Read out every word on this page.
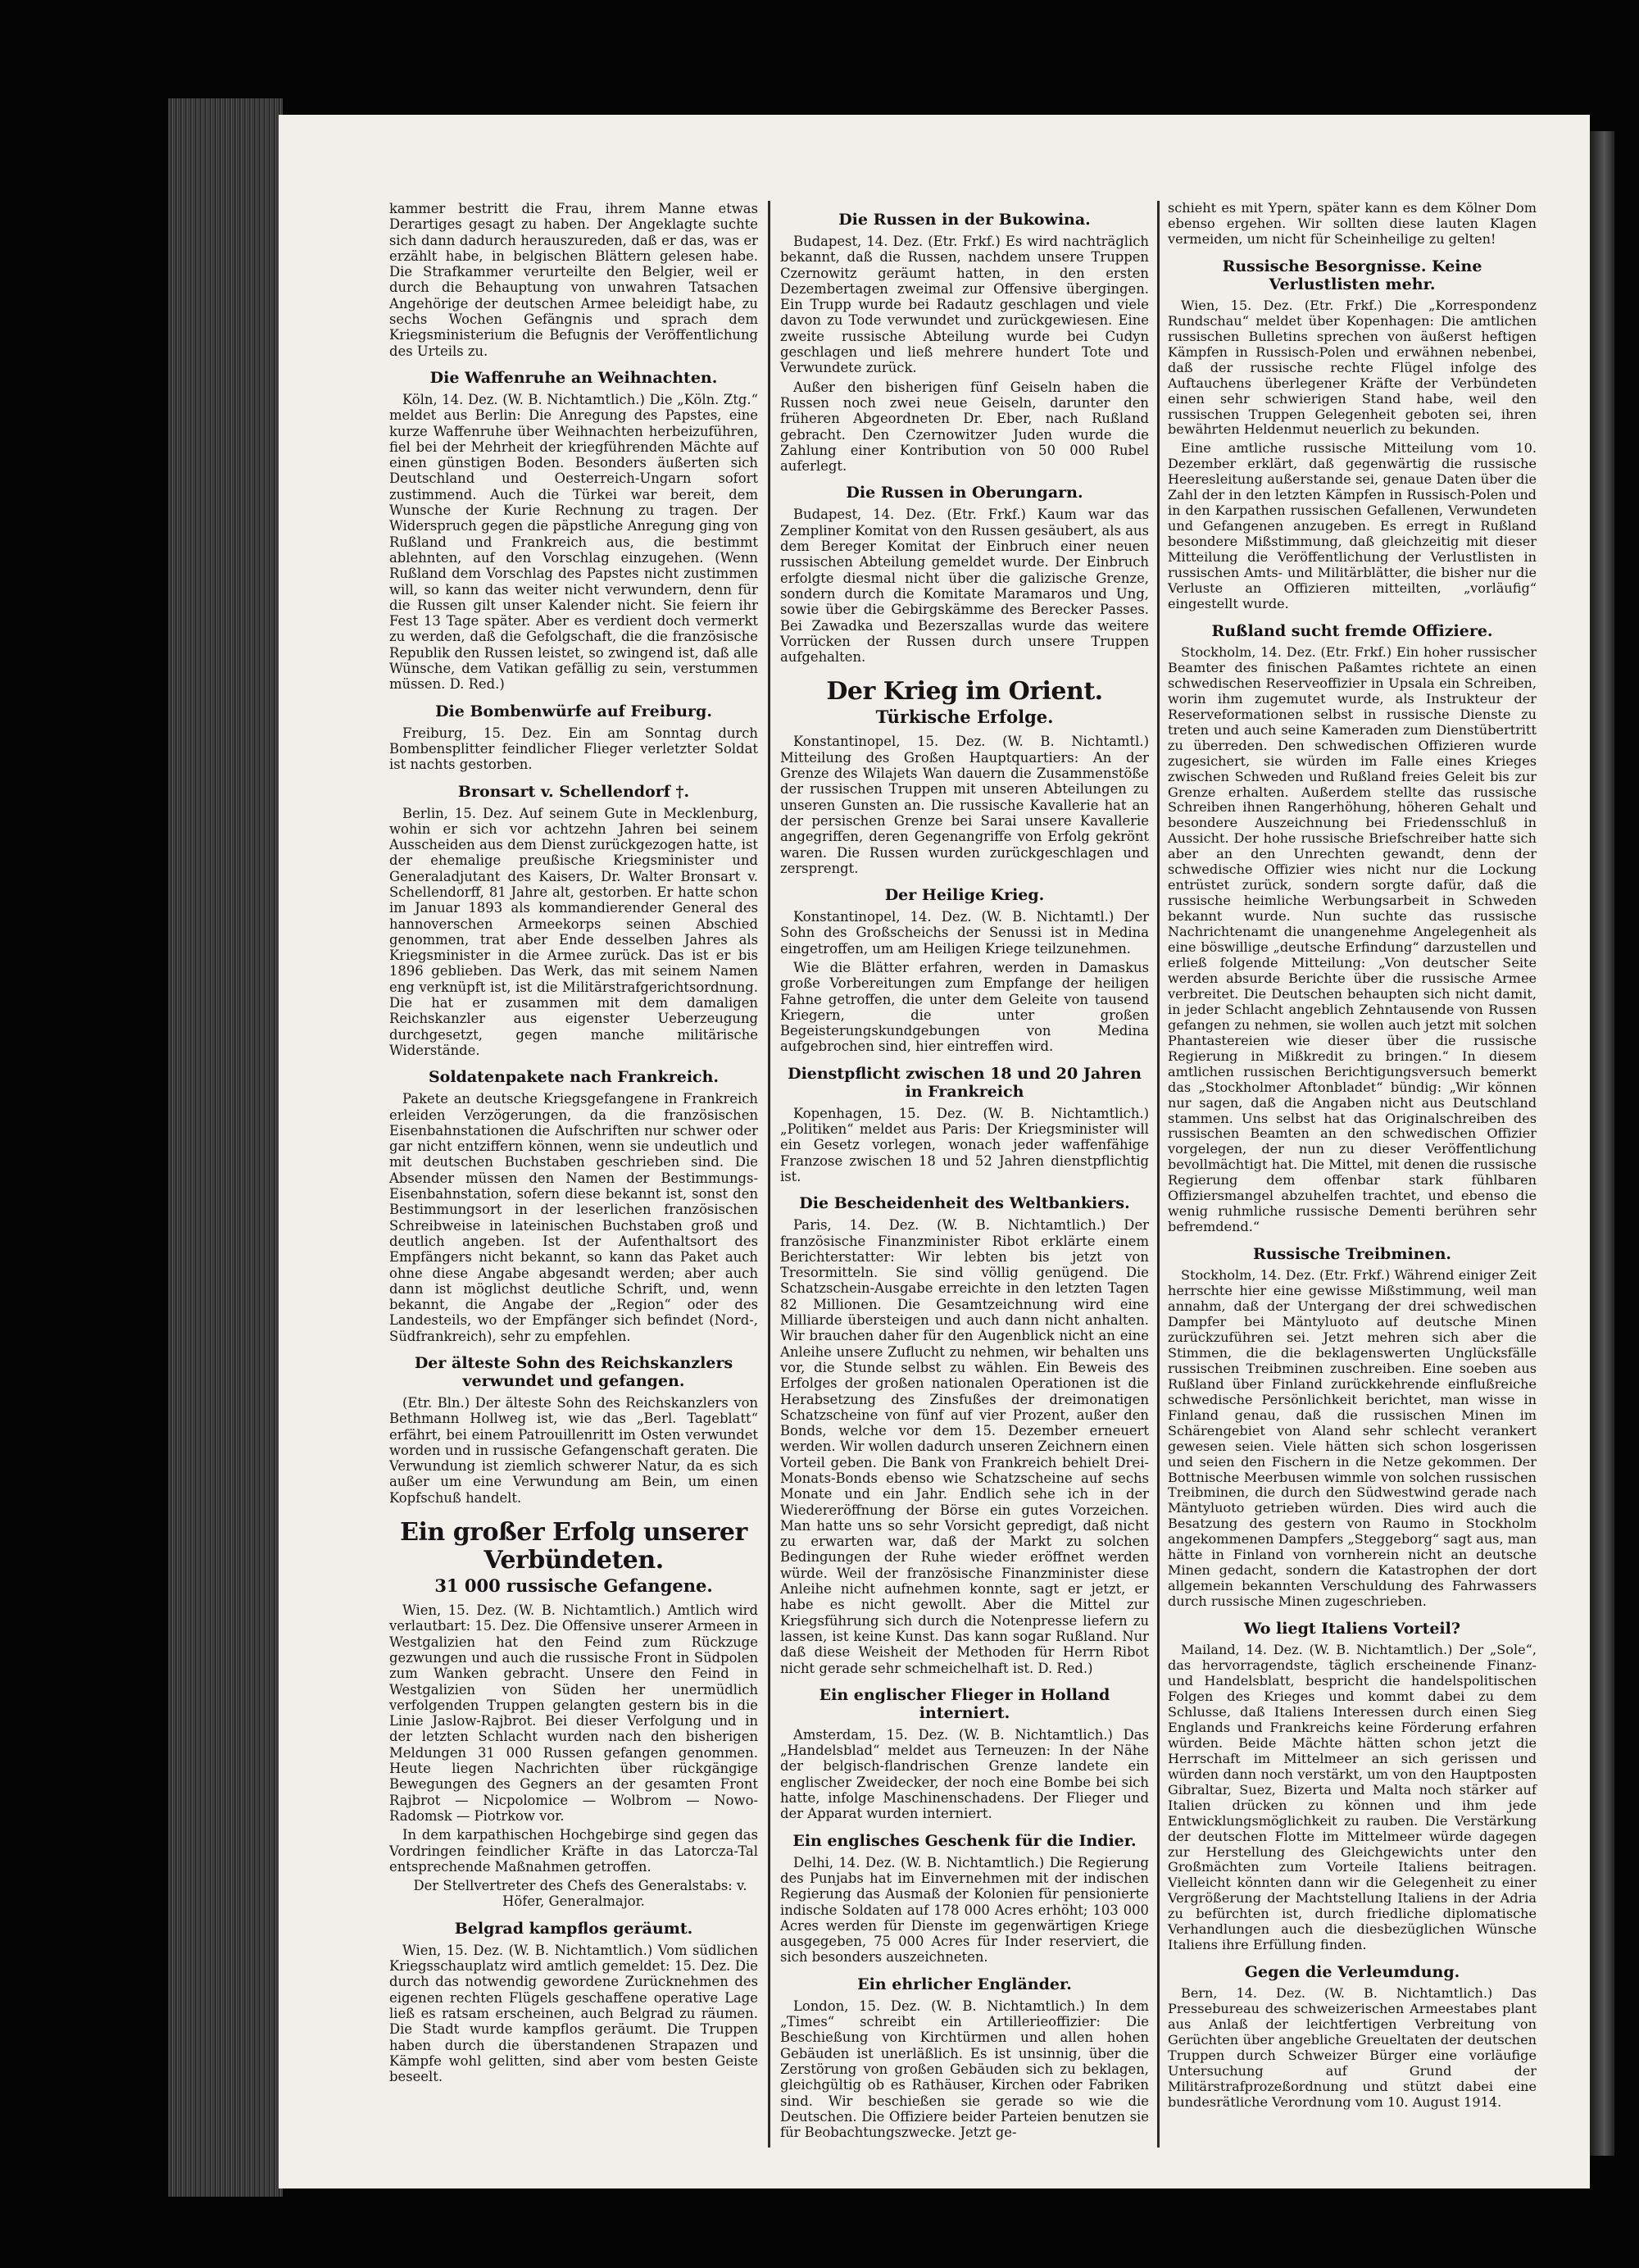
kammer bestritt die Frau, ihrem Manne etwas Derartiges gesagt zu haben. Der Angeklagte suchte sich dann dadurch herauszureden, daß er das, was er erzählt habe, in belgischen Blättern gelesen habe. Die Strafkammer verurteilte den Belgier, weil er durch die Behauptung von unwahren Tatsachen Angehörige der deutschen Armee beleidigt habe, zu sechs Wochen Gefängnis und sprach dem Kriegsministerium die Befugnis der Veröffentlichung des Urteils zu.

Die Waffenruhe an Weihnachten.

Köln, 14. Dez. (W. B. Nichtamtlich.) Die „Köln. Ztg.“ meldet aus Berlin: Die Anregung des Papstes, eine kurze Waffenruhe über Weihnachten herbeizuführen, fiel bei der Mehrheit der kriegführenden Mächte auf einen günstigen Boden. Besonders äußerten sich Deutschland und Oesterreich-Ungarn sofort zustimmend. Auch die Türkei war bereit, dem Wunsche der Kurie Rechnung zu tragen. Der Widerspruch gegen die päpstliche Anregung ging von Rußland und Frankreich aus, die bestimmt ablehnten, auf den Vorschlag einzugehen. (Wenn Rußland dem Vorschlag des Papstes nicht zustimmen will, so kann das weiter nicht verwundern, denn für die Russen gilt unser Kalender nicht. Sie feiern ihr Fest 13 Tage später. Aber es verdient doch vermerkt zu werden, daß die Gefolgschaft, die die französische Republik den Russen leistet, so zwingend ist, daß alle Wünsche, dem Vatikan gefällig zu sein, verstummen müssen. D. Red.)

Die Bombenwürfe auf Freiburg.

Freiburg, 15. Dez. Ein am Sonntag durch Bombensplitter feindlicher Flieger verletzter Soldat ist nachts gestorben.

Bronsart v. Schellendorf †.

Berlin, 15. Dez. Auf seinem Gute in Mecklenburg, wohin er sich vor achtzehn Jahren bei seinem Ausscheiden aus dem Dienst zurückgezogen hatte, ist der ehemalige preußische Kriegsminister und Generaladjutant des Kaisers, Dr. Walter Bronsart v. Schellendorff, 81 Jahre alt, gestorben. Er hatte schon im Januar 1893 als kommandierender General des hannoverschen Armeekorps seinen Abschied genommen, trat aber Ende desselben Jahres als Kriegsminister in die Armee zurück. Das ist er bis 1896 geblieben. Das Werk, das mit seinem Namen eng verknüpft ist, ist die Militärstrafgerichtsordnung. Die hat er zusammen mit dem damaligen Reichskanzler aus eigenster Ueberzeugung durchgesetzt, gegen manche militärische Widerstände.

Soldatenpakete nach Frankreich.

Pakete an deutsche Kriegsgefangene in Frankreich erleiden Verzögerungen, da die französischen Eisenbahnstationen die Aufschriften nur schwer oder gar nicht entziffern können, wenn sie undeutlich und mit deutschen Buchstaben geschrieben sind. Die Absender müssen den Namen der Bestimmungs-Eisenbahnstation, sofern diese bekannt ist, sonst den Bestimmungsort in der leserlichen französischen Schreibweise in lateinischen Buchstaben groß und deutlich angeben. Ist der Aufenthaltsort des Empfängers nicht bekannt, so kann das Paket auch ohne diese Angabe abgesandt werden; aber auch dann ist möglichst deutliche Schrift, und, wenn bekannt, die Angabe der „Region“ oder des Landesteils, wo der Empfänger sich befindet (Nord-, Südfrankreich), sehr zu empfehlen.

Der älteste Sohn des Reichskanzlers verwundet und gefangen.

(Etr. Bln.) Der älteste Sohn des Reichskanzlers von Bethmann Hollweg ist, wie das „Berl. Tageblatt“ erfährt, bei einem Patrouillenritt im Osten verwundet worden und in russische Gefangenschaft geraten. Die Verwundung ist ziemlich schwerer Natur, da es sich außer um eine Verwundung am Bein, um einen Kopfschuß handelt.

Ein großer Erfolg unserer Verbündeten.
31 000 russische Gefangene.

Wien, 15. Dez. (W. B. Nichtamtlich.) Amtlich wird verlautbart: 15. Dez. Die Offensive unserer Armeen in Westgalizien hat den Feind zum Rückzuge gezwungen und auch die russische Front in Südpolen zum Wanken gebracht. Unsere den Feind in Westgalizien von Süden her unermüdlich verfolgenden Truppen gelangten gestern bis in die Linie Jaslow-Rajbrot. Bei dieser Verfolgung und in der letzten Schlacht wurden nach den bisherigen Meldungen 31 000 Russen gefangen genommen. Heute liegen Nachrichten über rückgängige Bewegungen des Gegners an der gesamten Front Rajbrot — Nicpolomice — Wolbrom — Nowo-Radomsk — Piotrkow vor.

In dem karpathischen Hochgebirge sind gegen das Vordringen feindlicher Kräfte in das Latorcza-Tal entsprechende Maßnahmen getroffen.

Der Stellvertreter des Chefs des Generalstabs: v. Höfer, Generalmajor.

Belgrad kampflos geräumt.

Wien, 15. Dez. (W. B. Nichtamtlich.) Vom südlichen Kriegsschauplatz wird amtlich gemeldet: 15. Dez. Die durch das notwendig gewordene Zurücknehmen des eigenen rechten Flügels geschaffene operative Lage ließ es ratsam erscheinen, auch Belgrad zu räumen. Die Stadt wurde kampflos geräumt. Die Truppen haben durch die überstandenen Strapazen und Kämpfe wohl gelitten, sind aber vom besten Geiste beseelt.

Die Russen in der Bukowina.

Budapest, 14. Dez. (Etr. Frkf.) Es wird nachträglich bekannt, daß die Russen, nachdem unsere Truppen Czernowitz geräumt hatten, in den ersten Dezembertagen zweimal zur Offensive übergingen. Ein Trupp wurde bei Radautz geschlagen und viele davon zu Tode verwundet und zurückgewiesen. Eine zweite russische Abteilung wurde bei Cudyn geschlagen und ließ mehrere hundert Tote und Verwundete zurück.

Außer den bisherigen fünf Geiseln haben die Russen noch zwei neue Geiseln, darunter den früheren Abgeordneten Dr. Eber, nach Rußland gebracht. Den Czernowitzer Juden wurde die Zahlung einer Kontribution von 50 000 Rubel auferlegt.

Die Russen in Oberungarn.

Budapest, 14. Dez. (Etr. Frkf.) Kaum war das Zempliner Komitat von den Russen gesäubert, als aus dem Bereger Komitat der Einbruch einer neuen russischen Abteilung gemeldet wurde. Der Einbruch erfolgte diesmal nicht über die galizische Grenze, sondern durch die Komitate Maramaros und Ung, sowie über die Gebirgskämme des Berecker Passes. Bei Zawadka und Bezerszallas wurde das weitere Vorrücken der Russen durch unsere Truppen aufgehalten.

Der Krieg im Orient.
Türkische Erfolge.

Konstantinopel, 15. Dez. (W. B. Nichtamtl.) Mitteilung des Großen Hauptquartiers: An der Grenze des Wilajets Wan dauern die Zusammenstöße der russischen Truppen mit unseren Abteilungen zu unseren Gunsten an. Die russische Kavallerie hat an der persischen Grenze bei Sarai unsere Kavallerie angegriffen, deren Gegenangriffe von Erfolg gekrönt waren. Die Russen wurden zurückgeschlagen und zersprengt.

Der Heilige Krieg.

Konstantinopel, 14. Dez. (W. B. Nichtamtl.) Der Sohn des Großscheichs der Senussi ist in Medina eingetroffen, um am Heiligen Kriege teilzunehmen.

Wie die Blätter erfahren, werden in Damaskus große Vorbereitungen zum Empfange der heiligen Fahne getroffen, die unter dem Geleite von tausend Kriegern, die unter großen Begeisterungskundgebungen von Medina aufgebrochen sind, hier eintreffen wird.

Dienstpflicht zwischen 18 und 20 Jahren in Frankreich

Kopenhagen, 15. Dez. (W. B. Nichtamtlich.) „Politiken“ meldet aus Paris: Der Kriegsminister will ein Gesetz vorlegen, wonach jeder waffenfähige Franzose zwischen 18 und 52 Jahren dienstpflichtig ist.

Die Bescheidenheit des Weltbankiers.

Paris, 14. Dez. (W. B. Nichtamtlich.) Der französische Finanzminister Ribot erklärte einem Berichterstatter: Wir lebten bis jetzt von Tresormitteln. Sie sind völlig genügend. Die Schatzschein-Ausgabe erreichte in den letzten Tagen 82 Millionen. Die Gesamtzeichnung wird eine Milliarde übersteigen und auch dann nicht anhalten. Wir brauchen daher für den Augenblick nicht an eine Anleihe unsere Zuflucht zu nehmen, wir behalten uns vor, die Stunde selbst zu wählen. Ein Beweis des Erfolges der großen nationalen Operationen ist die Herabsetzung des Zinsfußes der dreimonatigen Schatzscheine von fünf auf vier Prozent, außer den Bonds, welche vor dem 15. Dezember erneuert werden. Wir wollen dadurch unseren Zeichnern einen Vorteil geben. Die Bank von Frankreich behielt Drei-Monats-Bonds ebenso wie Schatzscheine auf sechs Monate und ein Jahr. Endlich sehe ich in der Wiedereröffnung der Börse ein gutes Vorzeichen. Man hatte uns so sehr Vorsicht gepredigt, daß nicht zu erwarten war, daß der Markt zu solchen Bedingungen der Ruhe wieder eröffnet werden würde. Weil der französische Finanzminister diese Anleihe nicht aufnehmen konnte, sagt er jetzt, er habe es nicht gewollt. Aber die Mittel zur Kriegsführung sich durch die Notenpresse liefern zu lassen, ist keine Kunst. Das kann sogar Rußland. Nur daß diese Weisheit der Methoden für Herrn Ribot nicht gerade sehr schmeichelhaft ist. D. Red.)

Ein englischer Flieger in Holland interniert.

Amsterdam, 15. Dez. (W. B. Nichtamtlich.) Das „Handelsblad“ meldet aus Terneuzen: In der Nähe der belgisch-flandrischen Grenze landete ein englischer Zweidecker, der noch eine Bombe bei sich hatte, infolge Maschinenschadens. Der Flieger und der Apparat wurden interniert.

Ein englisches Geschenk für die Indier.

Delhi, 14. Dez. (W. B. Nichtamtlich.) Die Regierung des Punjabs hat im Einvernehmen mit der indischen Regierung das Ausmaß der Kolonien für pensionierte indische Soldaten auf 178 000 Acres erhöht; 103 000 Acres werden für Dienste im gegenwärtigen Kriege ausgegeben, 75 000 Acres für Inder reserviert, die sich besonders auszeichneten.

Ein ehrlicher Engländer.

London, 15. Dez. (W. B. Nichtamtlich.) In dem „Times“ schreibt ein Artillerieoffizier: Die Beschießung von Kirchtürmen und allen hohen Gebäuden ist unerläßlich. Es ist unsinnig, über die Zerstörung von großen Gebäuden sich zu beklagen, gleichgültig ob es Rathäuser, Kirchen oder Fabriken sind. Wir beschießen sie gerade so wie die Deutschen. Die Offiziere beider Parteien benutzen sie für Beobachtungszwecke. Jetzt ge-

schieht es mit Ypern, später kann es dem Kölner Dom ebenso ergehen. Wir sollten diese lauten Klagen vermeiden, um nicht für Scheinheilige zu gelten!

Russische Besorgnisse. Keine Verlustlisten mehr.

Wien, 15. Dez. (Etr. Frkf.) Die „Korrespondenz Rundschau“ meldet über Kopenhagen: Die amtlichen russischen Bulletins sprechen von äußerst heftigen Kämpfen in Russisch-Polen und erwähnen nebenbei, daß der russische rechte Flügel infolge des Auftauchens überlegener Kräfte der Verbündeten einen sehr schwierigen Stand habe, weil den russischen Truppen Gelegenheit geboten sei, ihren bewährten Heldenmut neuerlich zu bekunden.

Eine amtliche russische Mitteilung vom 10. Dezember erklärt, daß gegenwärtig die russische Heeresleitung außerstande sei, genaue Daten über die Zahl der in den letzten Kämpfen in Russisch-Polen und in den Karpathen russischen Gefallenen, Verwundeten und Gefangenen anzugeben. Es erregt in Rußland besondere Mißstimmung, daß gleichzeitig mit dieser Mitteilung die Veröffentlichung der Verlustlisten in russischen Amts- und Militärblätter, die bisher nur die Verluste an Offizieren mitteilten, „vorläufig“ eingestellt wurde.

Rußland sucht fremde Offiziere.

Stockholm, 14. Dez. (Etr. Frkf.) Ein hoher russischer Beamter des finischen Paßamtes richtete an einen schwedischen Reserveoffizier in Upsala ein Schreiben, worin ihm zugemutet wurde, als Instrukteur der Reserveformationen selbst in russische Dienste zu treten und auch seine Kameraden zum Dienstübertritt zu überreden. Den schwedischen Offizieren wurde zugesichert, sie würden im Falle eines Krieges zwischen Schweden und Rußland freies Geleit bis zur Grenze erhalten. Außerdem stellte das russische Schreiben ihnen Rangerhöhung, höheren Gehalt und besondere Auszeichnung bei Friedensschluß in Aussicht. Der hohe russische Briefschreiber hatte sich aber an den Unrechten gewandt, denn der schwedische Offizier wies nicht nur die Lockung entrüstet zurück, sondern sorgte dafür, daß die russische heimliche Werbungsarbeit in Schweden bekannt wurde. Nun suchte das russische Nachrichtenamt die unangenehme Angelegenheit als eine böswillige „deutsche Erfindung“ darzustellen und erließ folgende Mitteilung: „Von deutscher Seite werden absurde Berichte über die russische Armee verbreitet. Die Deutschen behaupten sich nicht damit, in jeder Schlacht angeblich Zehntausende von Russen gefangen zu nehmen, sie wollen auch jetzt mit solchen Phantastereien wie dieser über die russische Regierung in Mißkredit zu bringen.“ In diesem amtlichen russischen Berichtigungsversuch bemerkt das „Stockholmer Aftonbladet“ bündig: „Wir können nur sagen, daß die Angaben nicht aus Deutschland stammen. Uns selbst hat das Originalschreiben des russischen Beamten an den schwedischen Offizier vorgelegen, der nun zu dieser Veröffentlichung bevollmächtigt hat. Die Mittel, mit denen die russische Regierung dem offenbar stark fühlbaren Offiziersmangel abzuhelfen trachtet, und ebenso die wenig ruhmliche russische Dementi berühren sehr befremdend.“

Russische Treibminen.

Stockholm, 14. Dez. (Etr. Frkf.) Während einiger Zeit herrschte hier eine gewisse Mißstimmung, weil man annahm, daß der Untergang der drei schwedischen Dampfer bei Mäntyluoto auf deutsche Minen zurückzuführen sei. Jetzt mehren sich aber die Stimmen, die die beklagenswerten Unglücksfälle russischen Treibminen zuschreiben. Eine soeben aus Rußland über Finland zurückkehrende einflußreiche schwedische Persönlichkeit berichtet, man wisse in Finland genau, daß die russischen Minen im Schärengebiet von Aland sehr schlecht verankert gewesen seien. Viele hätten sich schon losgerissen und seien den Fischern in die Netze gekommen. Der Bottnische Meerbusen wimmle von solchen russischen Treibminen, die durch den Südwestwind gerade nach Mäntyluoto getrieben würden. Dies wird auch die Besatzung des gestern von Raumo in Stockholm angekommenen Dampfers „Steggeborg“ sagt aus, man hätte in Finland von vornherein nicht an deutsche Minen gedacht, sondern die Katastrophen der dort allgemein bekannten Verschuldung des Fahrwassers durch russische Minen zugeschrieben.

Wo liegt Italiens Vorteil?

Mailand, 14. Dez. (W. B. Nichtamtlich.) Der „Sole“, das hervorragendste, täglich erscheinende Finanz- und Handelsblatt, bespricht die handelspolitischen Folgen des Krieges und kommt dabei zu dem Schlusse, daß Italiens Interessen durch einen Sieg Englands und Frankreichs keine Förderung erfahren würden. Beide Mächte hätten schon jetzt die Herrschaft im Mittelmeer an sich gerissen und würden dann noch verstärkt, um von den Hauptposten Gibraltar, Suez, Bizerta und Malta noch stärker auf Italien drücken zu können und ihm jede Entwicklungsmöglichkeit zu rauben. Die Verstärkung der deutschen Flotte im Mittelmeer würde dagegen zur Herstellung des Gleichgewichts unter den Großmächten zum Vorteile Italiens beitragen. Vielleicht könnten dann wir die Gelegenheit zu einer Vergrößerung der Machtstellung Italiens in der Adria zu befürchten ist, durch friedliche diplomatische Verhandlungen auch die diesbezüglichen Wünsche Italiens ihre Erfüllung finden.

Gegen die Verleumdung.

Bern, 14. Dez. (W. B. Nichtamtlich.) Das Pressebureau des schweizerischen Armeestabes plant aus Anlaß der leichtfertigen Verbreitung von Gerüchten über angebliche Greueltaten der deutschen Truppen durch Schweizer Bürger eine vorläufige Untersuchung auf Grund der Militärstrafprozeßordnung und stützt dabei eine bundesrätliche Verordnung vom 10. August 1914.
